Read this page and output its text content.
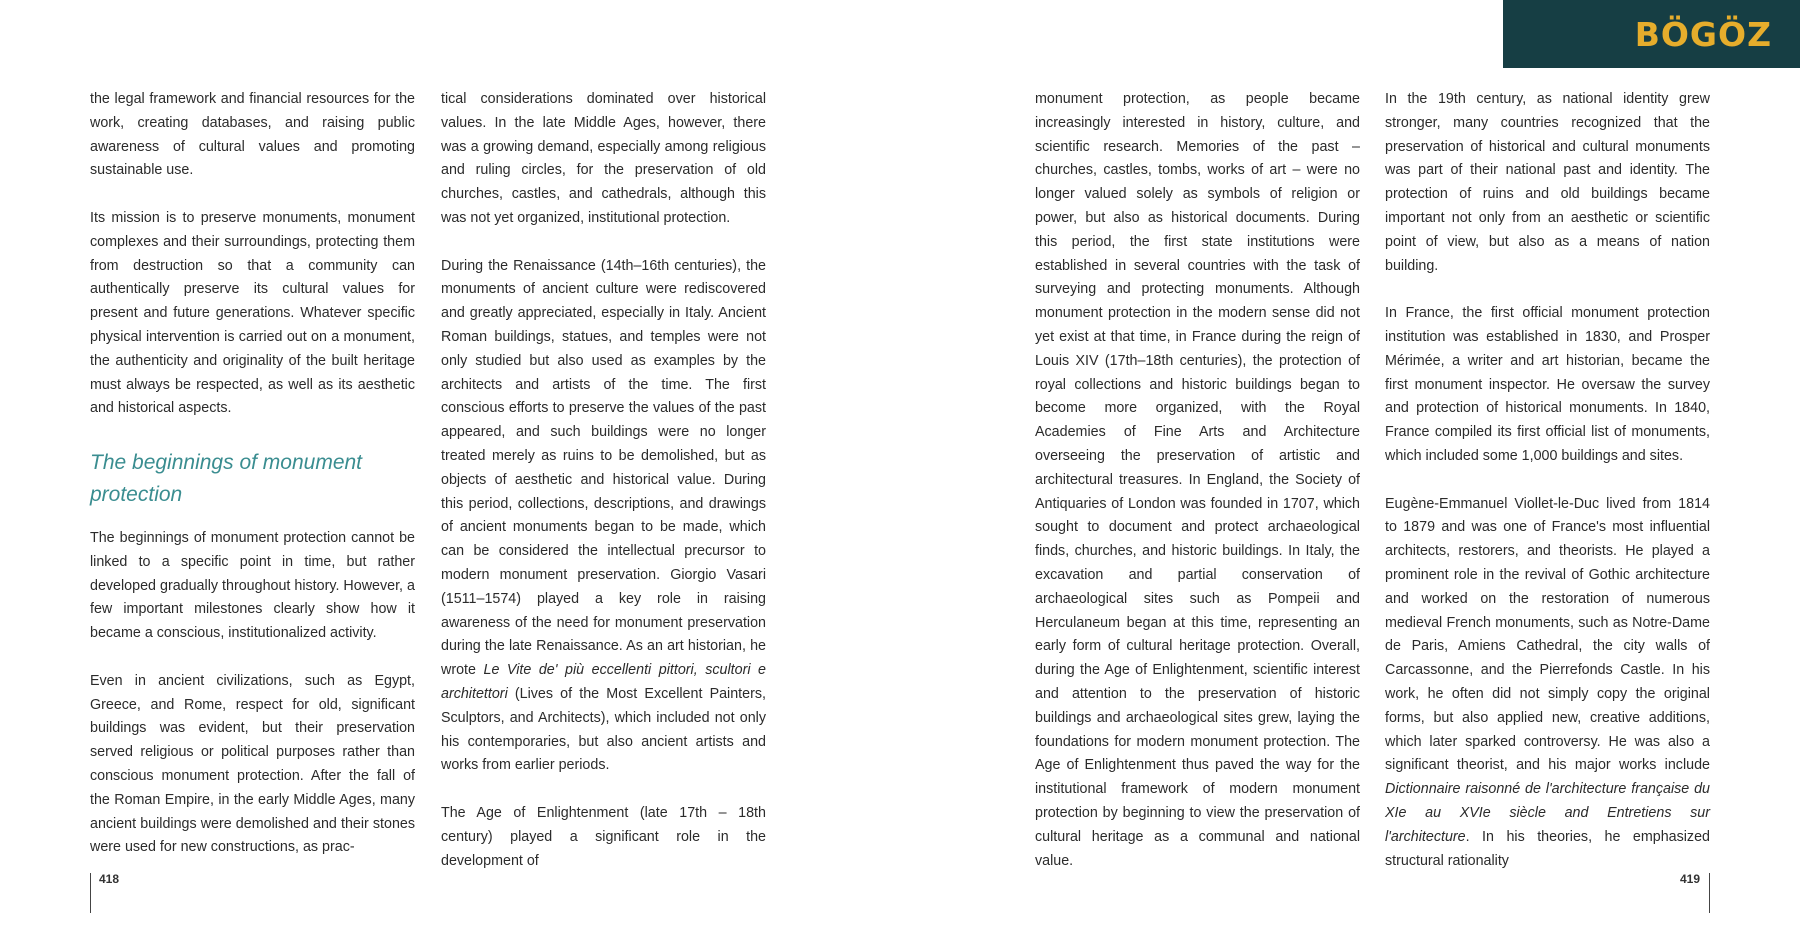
BÖGÖZ

the legal framework and financial resources for the work, creating databases, and raising public awareness of cultural values and promoting sustainable use.

Its mission is to preserve monuments, monument complexes and their surroundings, protecting them from destruction so that a community can authentically preserve its cultural values for present and future generations. Whatever specific physical intervention is carried out on a monument, the authenticity and originality of the built heritage must always be respected, as well as its aesthetic and historical aspects.

The beginnings of monument protection

The beginnings of monument protection cannot be linked to a specific point in time, but rather developed gradually throughout history. However, a few important milestones clearly show how it became a conscious, institutionalized activity.

Even in ancient civilizations, such as Egypt, Greece, and Rome, respect for old, significant buildings was evident, but their preservation served religious or political purposes rather than conscious monument protection. After the fall of the Roman Empire, in the early Middle Ages, many ancient buildings were demolished and their stones were used for new constructions, as prac-

tical considerations dominated over historical values. In the late Middle Ages, however, there was a growing demand, especially among religious and ruling circles, for the preservation of old churches, castles, and cathedrals, although this was not yet organized, institutional protection.

During the Renaissance (14th–16th centuries), the monuments of ancient culture were rediscovered and greatly appreciated, especially in Italy. Ancient Roman buildings, statues, and temples were not only studied but also used as examples by the architects and artists of the time. The first conscious efforts to preserve the values of the past appeared, and such buildings were no longer treated merely as ruins to be demolished, but as objects of aesthetic and historical value. During this period, collections, descriptions, and drawings of ancient monuments began to be made, which can be considered the intellectual precursor to modern monument preservation. Giorgio Vasari (1511–1574) played a key role in raising awareness of the need for monument preservation during the late Renaissance. As an art historian, he wrote Le Vite de' più eccellenti pittori, scultori e architettori (Lives of the Most Excellent Painters, Sculptors, and Architects), which included not only his contemporaries, but also ancient artists and works from earlier periods.

The Age of Enlightenment (late 17th – 18th century) played a significant role in the development of

monument protection, as people became increasingly interested in history, culture, and scientific research. Memories of the past – churches, castles, tombs, works of art – were no longer valued solely as symbols of religion or power, but also as historical documents. During this period, the first state institutions were established in several countries with the task of surveying and protecting monuments. Although monument protection in the modern sense did not yet exist at that time, in France during the reign of Louis XIV (17th–18th centuries), the protection of royal collections and historic buildings began to become more organized, with the Royal Academies of Fine Arts and Architecture overseeing the preservation of artistic and architectural treasures. In England, the Society of Antiquaries of London was founded in 1707, which sought to document and protect archaeological finds, churches, and historic buildings. In Italy, the excavation and partial conservation of archaeological sites such as Pompeii and Herculaneum began at this time, representing an early form of cultural heritage protection. Overall, during the Age of Enlightenment, scientific interest and attention to the preservation of historic buildings and archaeological sites grew, laying the foundations for modern monument protection. The Age of Enlightenment thus paved the way for the institutional framework of modern monument protection by beginning to view the preservation of cultural heritage as a communal and national value.

In the 19th century, as national identity grew stronger, many countries recognized that the preservation of historical and cultural monuments was part of their national past and identity. The protection of ruins and old buildings became important not only from an aesthetic or scientific point of view, but also as a means of nation building.

In France, the first official monument protection institution was established in 1830, and Prosper Mérimée, a writer and art historian, became the first monument inspector. He oversaw the survey and protection of historical monuments. In 1840, France compiled its first official list of monuments, which included some 1,000 buildings and sites.

Eugène-Emmanuel Viollet-le-Duc lived from 1814 to 1879 and was one of France's most influential architects, restorers, and theorists. He played a prominent role in the revival of Gothic architecture and worked on the restoration of numerous medieval French monuments, such as Notre-Dame de Paris, Amiens Cathedral, the city walls of Carcassonne, and the Pierrefonds Castle. In his work, he often did not simply copy the original forms, but also applied new, creative additions, which later sparked controversy. He was also a significant theorist, and his major works include Dictionnaire raisonné de l'architecture française du XIe au XVIe siècle and Entretiens sur l'architecture. In his theories, he emphasized structural rationality

418	419
